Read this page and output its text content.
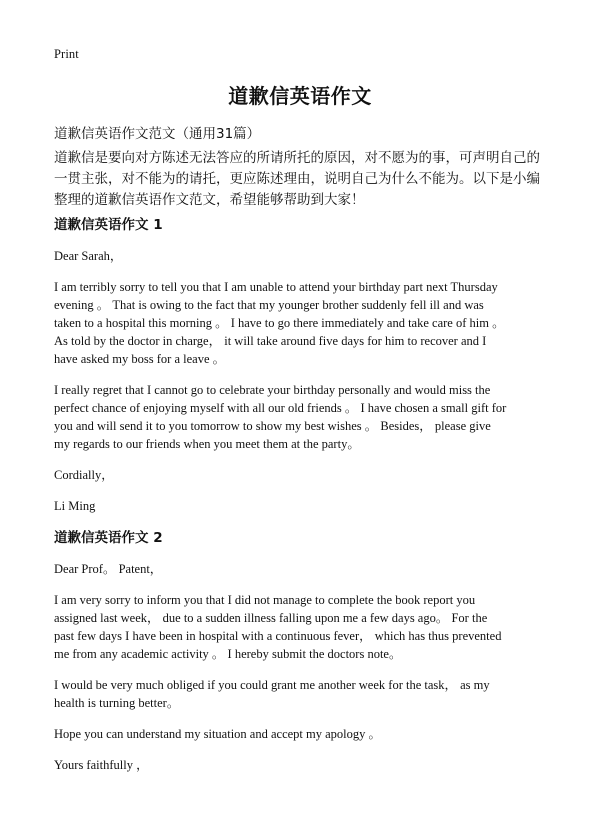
Print
道歉信英语作文
道歉信英语作文范文（通用31篇）

道歉信是要向对方陈述无法答应的所请所托的原因，对不愿为的事，可声明自己的
一贯主张，对不能为的请托，更应陈述理由，说明自己为什么不能为。以下是小编
整理的道歉信英语作文范文，希望能够帮助到大家！

道歉信英语作文 1

Dear Sarah，

I am terribly sorry to tell you that I am unable to attend your birthday part next Thursday
evening 。 That is owing to the fact that my younger brother suddenly fell ill and was
taken to a hospital this morning 。 I have to go there immediately and take care of him 。
As told by the doctor in charge， it will take around five days for him to recover and I
have asked my boss for a leave 。

I really regret that I cannot go to celebrate your birthday personally and would miss the
perfect chance of enjoying myself with all our old friends 。 I have chosen a small gift for
you and will send it to you tomorrow to show my best wishes 。 Besides， please give
my regards to our friends when you meet them at the party。

Cordially，

Li Ming

道歉信英语作文 2

Dear Prof。 Patent，

I am very sorry to inform you that I did not manage to complete the book report you
assigned last week， due to a sudden illness falling upon me a few days ago。 For the
past few days I have been in hospital with a continuous fever， which has thus prevented
me from any academic activity 。 I hereby submit the doctors note。

I would be very much obliged if you could grant me another week for the task， as my
health is turning better。

Hope you can understand my situation and accept my apology 。

Yours faithfully ，
